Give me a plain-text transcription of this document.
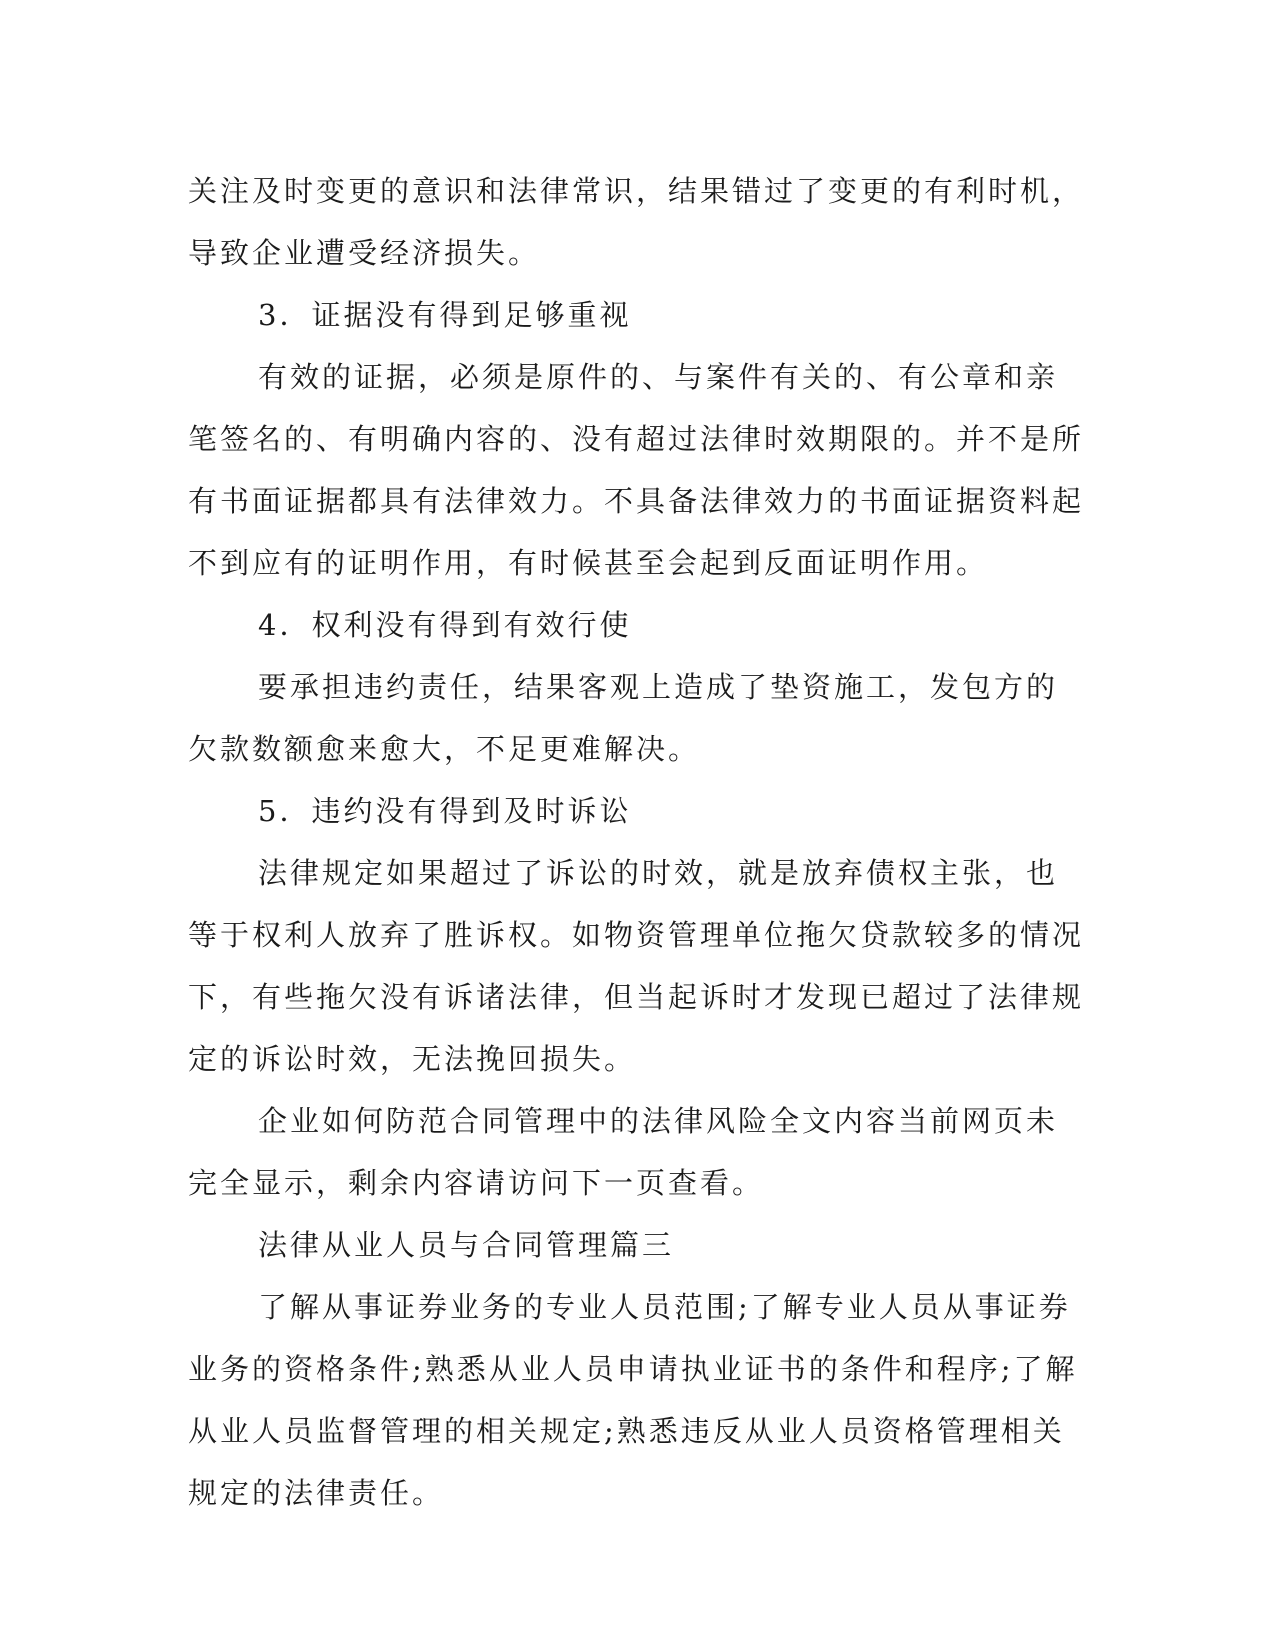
关注及时变更的意识和法律常识，结果错过了变更的有利时机，导致企业遭受经济损失。

3．证据没有得到足够重视

有效的证据，必须是原件的、与案件有关的、有公章和亲笔签名的、有明确内容的、没有超过法律时效期限的。并不是所有书面证据都具有法律效力。不具备法律效力的书面证据资料起不到应有的证明作用，有时候甚至会起到反面证明作用。

4．权利没有得到有效行使

要承担违约责任，结果客观上造成了垫资施工，发包方的欠款数额愈来愈大，不足更难解决。

5．违约没有得到及时诉讼

法律规定如果超过了诉讼的时效，就是放弃债权主张，也等于权利人放弃了胜诉权。如物资管理单位拖欠贷款较多的情况下，有些拖欠没有诉诸法律，但当起诉时才发现已超过了法律规定的诉讼时效，无法挽回损失。

企业如何防范合同管理中的法律风险全文内容当前网页未完全显示，剩余内容请访问下一页查看。

法律从业人员与合同管理篇三

了解从事证券业务的专业人员范围;了解专业人员从事证券业务的资格条件;熟悉从业人员申请执业证书的条件和程序;了解从业人员监督管理的相关规定;熟悉违反从业人员资格管理相关规定的法律责任。
